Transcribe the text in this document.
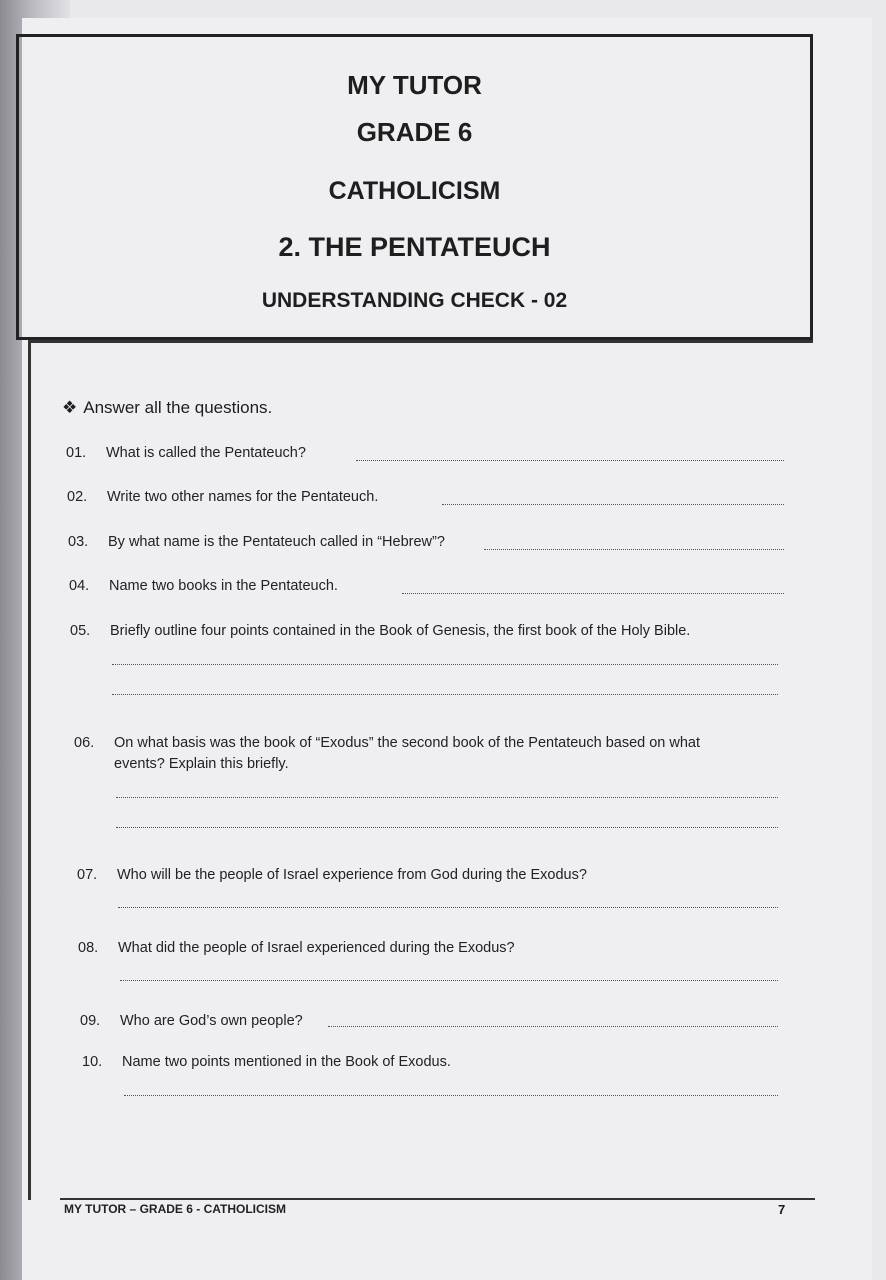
MY TUTOR
GRADE 6
CATHOLICISM
2. THE PENTATEUCH
UNDERSTANDING CHECK - 02
❖ Answer all the questions.
01. What is called the Pentateuch?
02. Write two other names for the Pentateuch.
03. By what name is the Pentateuch called in “Hebrew”?
04. Name two books in the Pentateuch.
05. Briefly outline four points contained in the Book of Genesis, the first book of the Holy Bible.
06. On what basis was the book of “Exodus” the second book of the Pentateuch based on what
events? Explain this briefly.
07. Who will be the people of Israel experience from God during the Exodus?
08. What did the people of Israel experienced during the Exodus?
09. Who are God’s own people?
10. Name two points mentioned in the Book of Exodus.
MY TUTOR – GRADE 6 - CATHOLICISM	7
